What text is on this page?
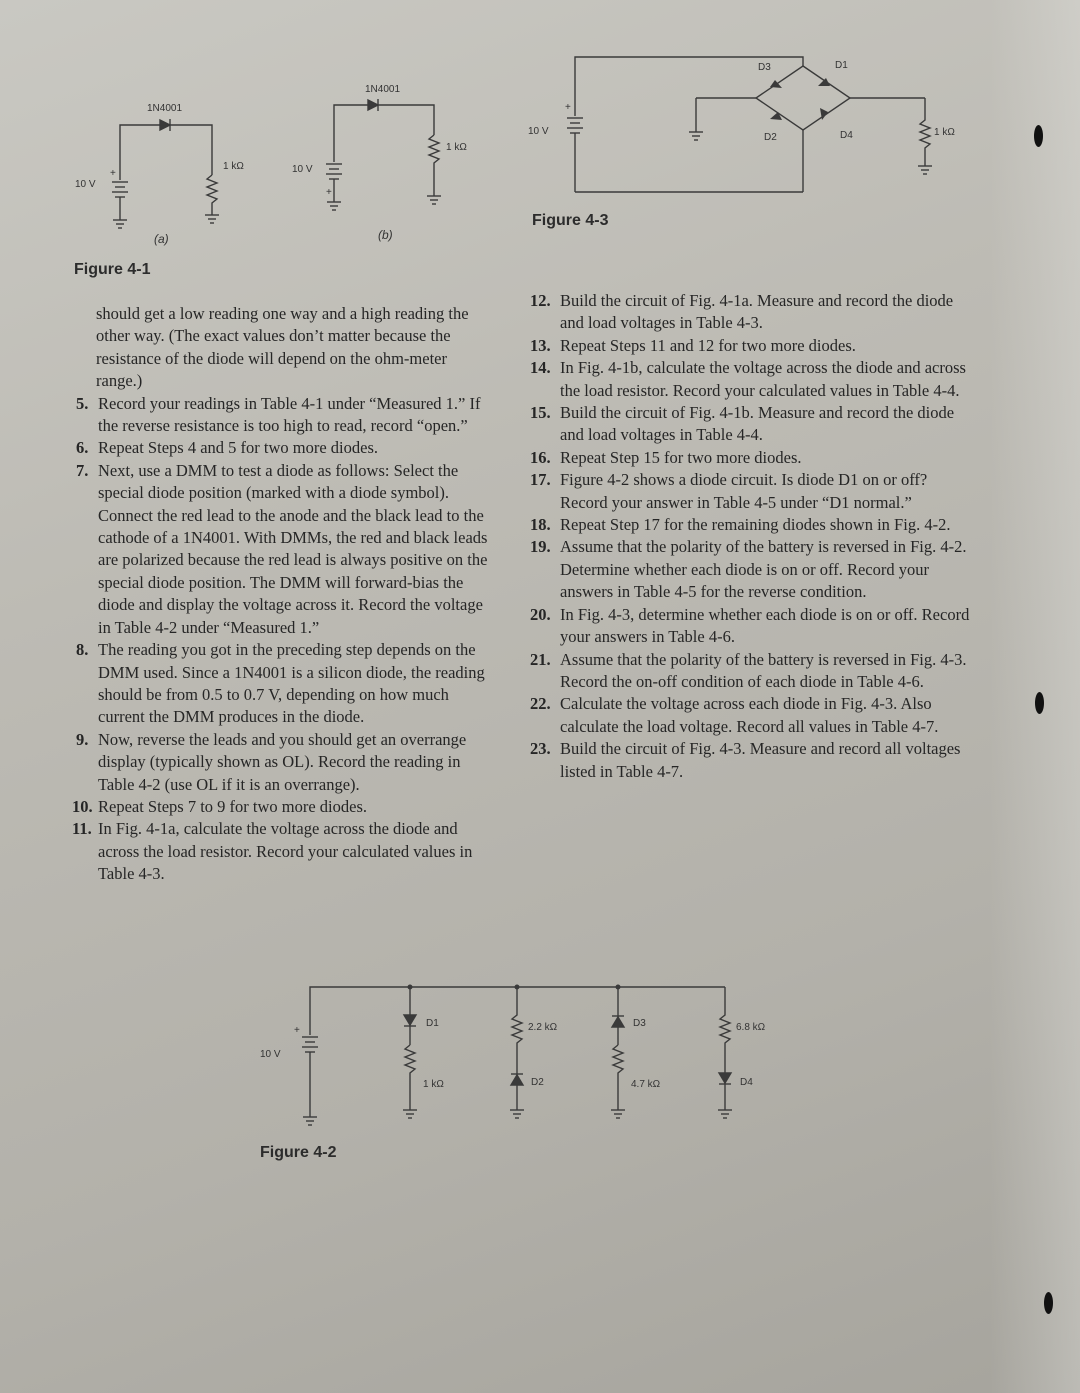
+
+
1N4001
1 kΩ
10 V
1N4001
1 kΩ
10 V
(a)	(b)
Figure 4-1
+
10 V
D3	D1
D2	D4	1 kΩ
Figure 4-3

should get a low reading one way and a high reading the other way. (The exact values don’t matter because the resistance of the diode will depend on the ohm-meter range.)

5. Record your readings in Table 4-1 under “Measured 1.” If the reverse resistance is too high to read, record “open.”
6. Repeat Steps 4 and 5 for two more diodes.
7. Next, use a DMM to test a diode as follows: Select the special diode position (marked with a diode symbol). Connect the red lead to the anode and the black lead to the cathode of a 1N4001. With DMMs, the red and black leads are polarized because the red lead is always positive on the special diode position. The DMM will forward-bias the diode and display the voltage across it. Record the voltage in Table 4-2 under “Measured 1.”
8. The reading you got in the preceding step depends on the DMM used. Since a 1N4001 is a silicon diode, the reading should be from 0.5 to 0.7 V, depending on how much current the DMM produces in the diode.
9. Now, reverse the leads and you should get an overrange display (typically shown as OL). Record the reading in Table 4-2 (use OL if it is an overrange).
10. Repeat Steps 7 to 9 for two more diodes.
11. In Fig. 4-1a, calculate the voltage across the diode and across the load resistor. Record your calculated values in Table 4-3.
12. Build the circuit of Fig. 4-1a. Measure and record the diode and load voltages in Table 4-3.
13. Repeat Steps 11 and 12 for two more diodes.
14. In Fig. 4-1b, calculate the voltage across the diode and across the load resistor. Record your calculated values in Table 4-4.
15. Build the circuit of Fig. 4-1b. Measure and record the diode and load voltages in Table 4-4.
16. Repeat Step 15 for two more diodes.
17. Figure 4-2 shows a diode circuit. Is diode D1 on or off? Record your answer in Table 4-5 under “D1 normal.”
18. Repeat Step 17 for the remaining diodes shown in Fig. 4-2.
19. Assume that the polarity of the battery is reversed in Fig. 4-2. Determine whether each diode is on or off. Record your answers in Table 4-5 for the reverse condition.
20. In Fig. 4-3, determine whether each diode is on or off. Record your answers in Table 4-6.
21. Assume that the polarity of the battery is reversed in Fig. 4-3. Record the on-off condition of each diode in Table 4-6.
22. Calculate the voltage across each diode in Fig. 4-3. Also calculate the load voltage. Record all values in Table 4-7.
23. Build the circuit of Fig. 4-3. Measure and record all voltages listed in Table 4-7.
+
10 V
D1
1 kΩ
2.2 kΩ
D2
D3
4.7 kΩ
6.8 kΩ
D4
Figure 4-2
